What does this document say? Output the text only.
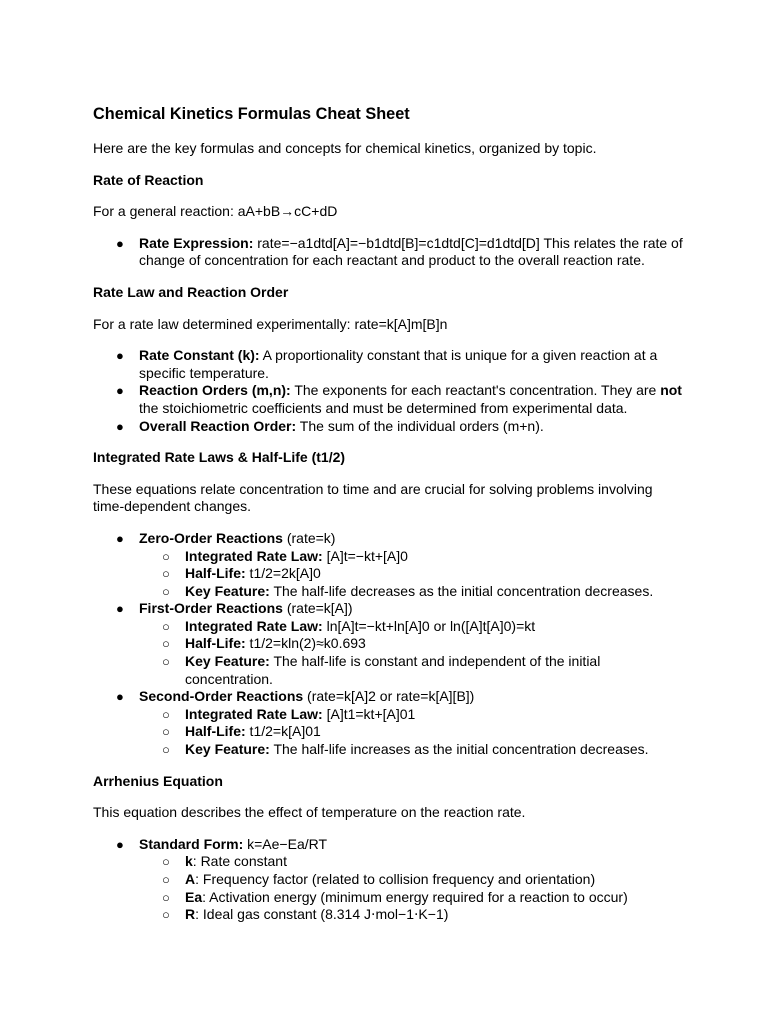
Chemical Kinetics Formulas Cheat Sheet

Here are the key formulas and concepts for chemical kinetics, organized by topic.

Rate of Reaction

For a general reaction: aA+bB→cC+dD

● Rate Expression: rate=−a1dtd[A]=−b1dtd[B]=c1dtd[C]=d1dtd[D] This relates the rate of change of concentration for each reactant and product to the overall reaction rate.
Rate Law and Reaction Order

For a rate law determined experimentally: rate=k[A]m[B]n

● Rate Constant (k): A proportionality constant that is unique for a given reaction at a specific temperature.
● Reaction Orders (m,n): The exponents for each reactant's concentration. They are not the stoichiometric coefficients and must be determined from experimental data.
● Overall Reaction Order: The sum of the individual orders (m+n).
Integrated Rate Laws & Half-Life (t1/2)

These equations relate concentration to time and are crucial for solving problems involving time-dependent changes.

● Zero-Order Reactions (rate=k)
○ Integrated Rate Law: [A]t=−kt+[A]0
○ Half-Life: t1/2=2k[A]0
○ Key Feature: The half-life decreases as the initial concentration decreases.
● First-Order Reactions (rate=k[A])
○ Integrated Rate Law: ln[A]t=−kt+ln[A]0 or ln([A]t[A]0)=kt
○ Half-Life: t1/2=kln(2)≈k0.693
○ Key Feature: The half-life is constant and independent of the initial concentration.
● Second-Order Reactions (rate=k[A]2 or rate=k[A][B])
○ Integrated Rate Law: [A]t1=kt+[A]01
○ Half-Life: t1/2=k[A]01
○ Key Feature: The half-life increases as the initial concentration decreases.
Arrhenius Equation

This equation describes the effect of temperature on the reaction rate.

● Standard Form: k=Ae−Ea/RT
○ k: Rate constant
○ A: Frequency factor (related to collision frequency and orientation)
○ Ea: Activation energy (minimum energy required for a reaction to occur)
○ R: Ideal gas constant (8.314 J⋅mol−1⋅K−1)
